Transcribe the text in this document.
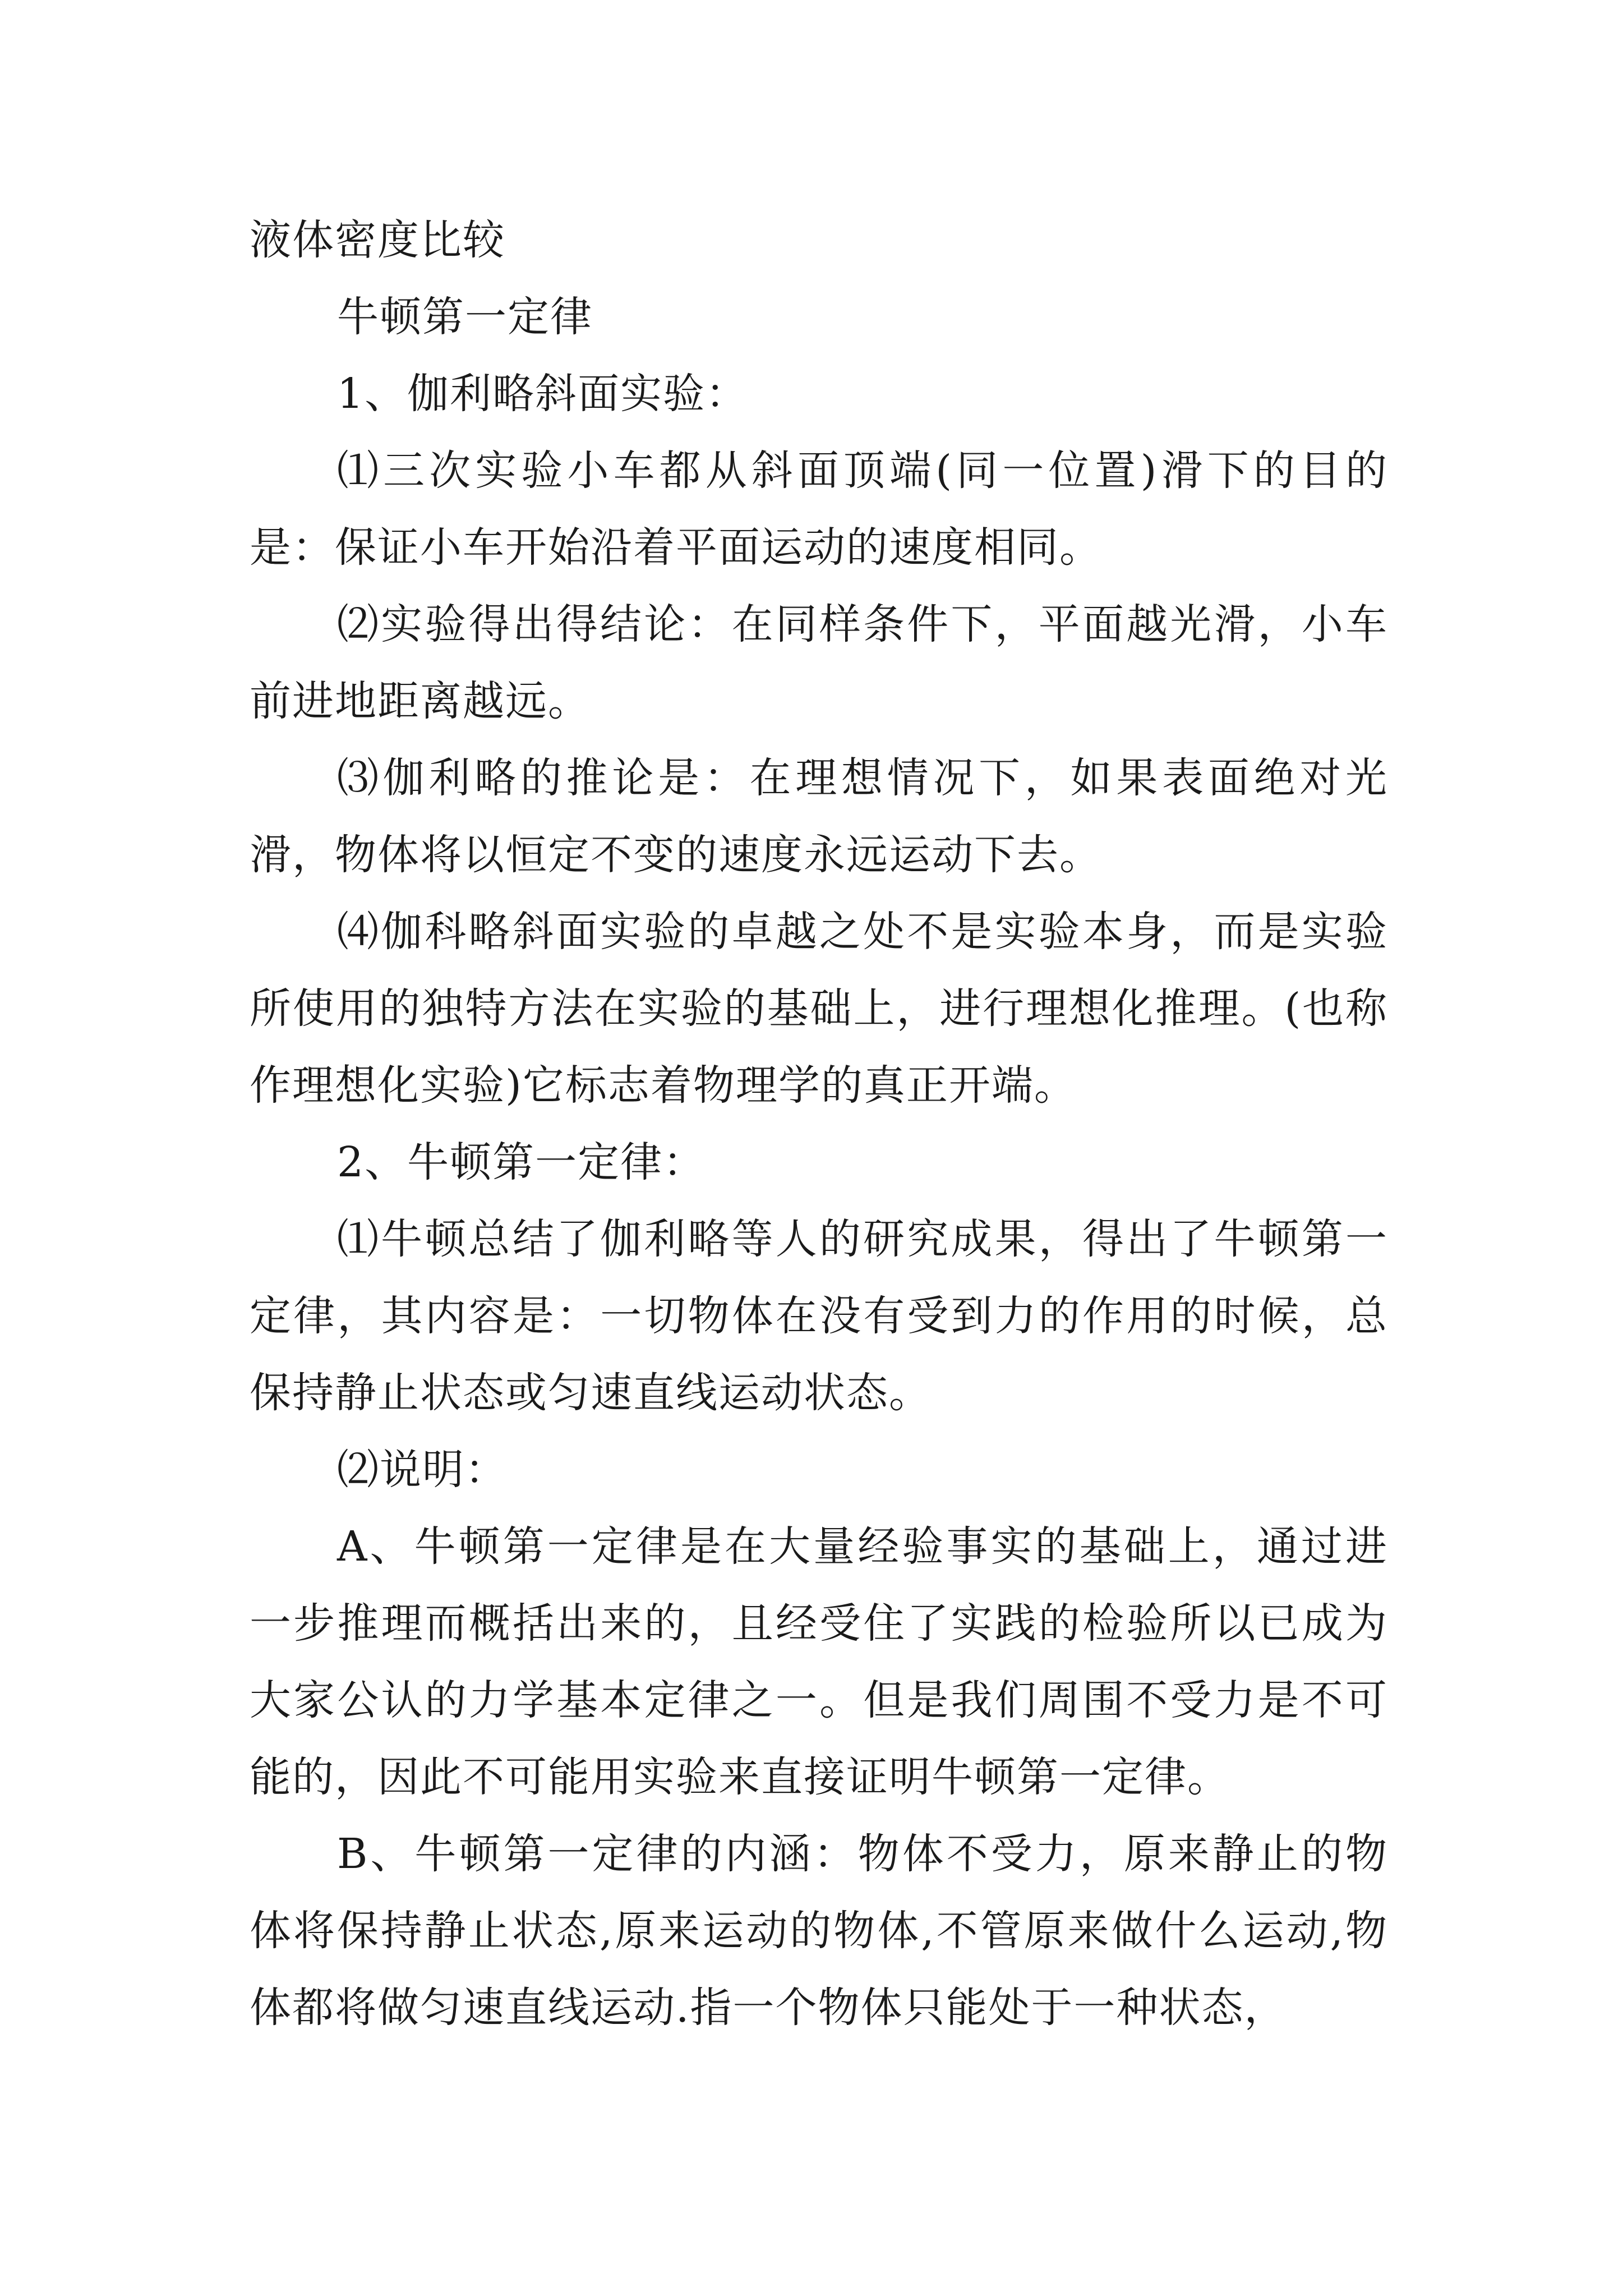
液体密度比较

牛顿第一定律

1、伽利略斜面实验：

⑴三次实验小车都从斜面顶端(同一位置)滑下的目的是：保证小车开始沿着平面运动的速度相同。

⑵实验得出得结论：在同样条件下，平面越光滑，小车前进地距离越远。

⑶伽利略的推论是：在理想情况下，如果表面绝对光滑，物体将以恒定不变的速度永远运动下去。

⑷伽科略斜面实验的卓越之处不是实验本身，而是实验所使用的独特方法在实验的基础上，进行理想化推理。(也称作理想化实验)它标志着物理学的真正开端。

2、牛顿第一定律：

⑴牛顿总结了伽利略等人的研究成果，得出了牛顿第一定律，其内容是：一切物体在没有受到力的作用的时候，总保持静止状态或匀速直线运动状态。

⑵说明：

A、牛顿第一定律是在大量经验事实的基础上，通过进一步推理而概括出来的，且经受住了实践的检验所以已成为大家公认的力学基本定律之一。但是我们周围不受力是不可能的，因此不可能用实验来直接证明牛顿第一定律。

B、牛顿第一定律的内涵：物体不受力，原来静止的物体将保持静止状态,原来运动的物体,不管原来做什么运动,物体都将做匀速直线运动.指一个物体只能处于一种状态，
